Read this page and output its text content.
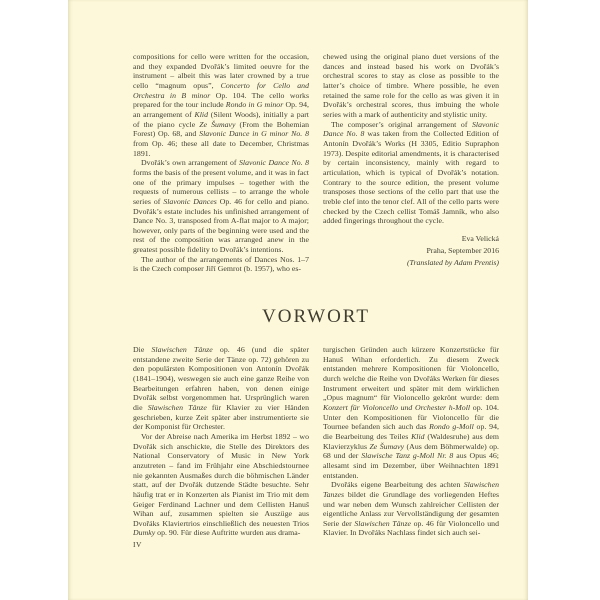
compositions for cello were written for the occasion, and they expanded Dvořák’s limited oeuvre for the instrument – albeit this was later crowned by a true cello “magnum opus”, Concerto for Cello and Orchestra in B minor Op. 104. The cello works prepared for the tour include Rondo in G minor Op. 94, an arrangement of Klid (Silent Woods), initially a part of the piano cycle Ze Šumavy (From the Bohemian Forest) Op. 68, and Slavonic Dance in G minor No. 8 from Op. 46; these all date to December, Christmas 1891.

Dvořák’s own arrangement of Slavonic Dance No. 8 forms the basis of the present volume, and it was in fact one of the primary impulses – together with the requests of numerous cellists – to arrange the whole series of Slavonic Dances Op. 46 for cello and piano. Dvořák’s estate includes his unfinished arrangement of Dance No. 3, transposed from A-flat major to A major; however, only parts of the beginning were used and the rest of the composition was arranged anew in the greatest possible fidelity to Dvořák’s intentions.

The author of the arrangements of Dances Nos. 1–7 is the Czech composer Jiří Gemrot (b. 1957), who es-

chewed using the original piano duet versions of the dances and instead based his work on Dvořák’s orchestral scores to stay as close as possible to the latter’s choice of timbre. Where possible, he even retained the same role for the cello as was given it in Dvořák’s orchestral scores, thus imbuing the whole series with a mark of authenticity and stylistic unity.

The composer’s original arrangement of Slavonic Dance No. 8 was taken from the Collected Edition of Antonín Dvořák’s Works (H 3305, Editio Supraphon 1973). Despite editorial amendments, it is characterised by certain inconsistency, mainly with regard to articulation, which is typical of Dvořák’s notation. Contrary to the source edition, the present volume transposes those sections of the cello part that use the treble clef into the tenor clef. All of the cello parts were checked by the Czech cellist Tomáš Jamník, who also added fingerings throughout the cycle.

Eva Velická
Praha, September 2016
(Translated by Adam Prentis)
VORWORT

Die Slawischen Tänze op. 46 (und die später entstandene zweite Serie der Tänze op. 72) gehören zu den populärsten Kompositionen von Antonín Dvořák (1841–1904), weswegen sie auch eine ganze Reihe von Bearbeitungen erfahren haben, von denen einige Dvořák selbst vorgenommen hat. Ursprünglich waren die Slawischen Tänze für Klavier zu vier Händen geschrieben, kurze Zeit später aber instrumentierte sie der Komponist für Orchester.

Vor der Abreise nach Amerika im Herbst 1892 – wo Dvořák sich anschickte, die Stelle des Direktors des National Conservatory of Music in New York anzutreten – fand im Frühjahr eine Abschiedstournee nie gekannten Ausmaßes durch die böhmischen Länder statt, auf der Dvořák dutzende Städte besuchte. Sehr häufig trat er in Konzerten als Pianist im Trio mit dem Geiger Ferdinand Lachner und dem Cellisten Hanuš Wihan auf, zusammen spielten sie Auszüge aus Dvořáks Klaviertrios einschließlich des neuesten Trios Dumky op. 90. Für diese Auftritte wurden aus drama-

turgischen Gründen auch kürzere Konzertstücke für Hanuš Wihan erforderlich. Zu diesem Zweck entstanden mehrere Kompositionen für Violoncello, durch welche die Reihe von Dvořáks Werken für dieses Instrument erweitert und später mit dem wirklichen „Opus magnum“ für Violoncello gekrönt wurde: dem Konzert für Violoncello und Orchester h-Moll op. 104. Unter den Kompositionen für Violoncello für die Tournee befanden sich auch das Rondo g-Moll op. 94, die Bearbeitung des Teiles Klid (Waldesruhe) aus dem Klavierzyklus Ze Šumavy (Aus dem Böhmerwalde) op. 68 und der Slawische Tanz g-Moll Nr. 8 aus Opus 46; allesamt sind im Dezember, über Weihnachten 1891 entstanden.

Dvořáks eigene Bearbeitung des achten Slawischen Tanzes bildet die Grundlage des vorliegenden Heftes und war neben dem Wunsch zahlreicher Cellisten der eigentliche Anlass zur Vervollständigung der gesamten Serie der Slawischen Tänze op. 46 für Violoncello und Klavier. In Dvořáks Nachlass findet sich auch sei-

IV
